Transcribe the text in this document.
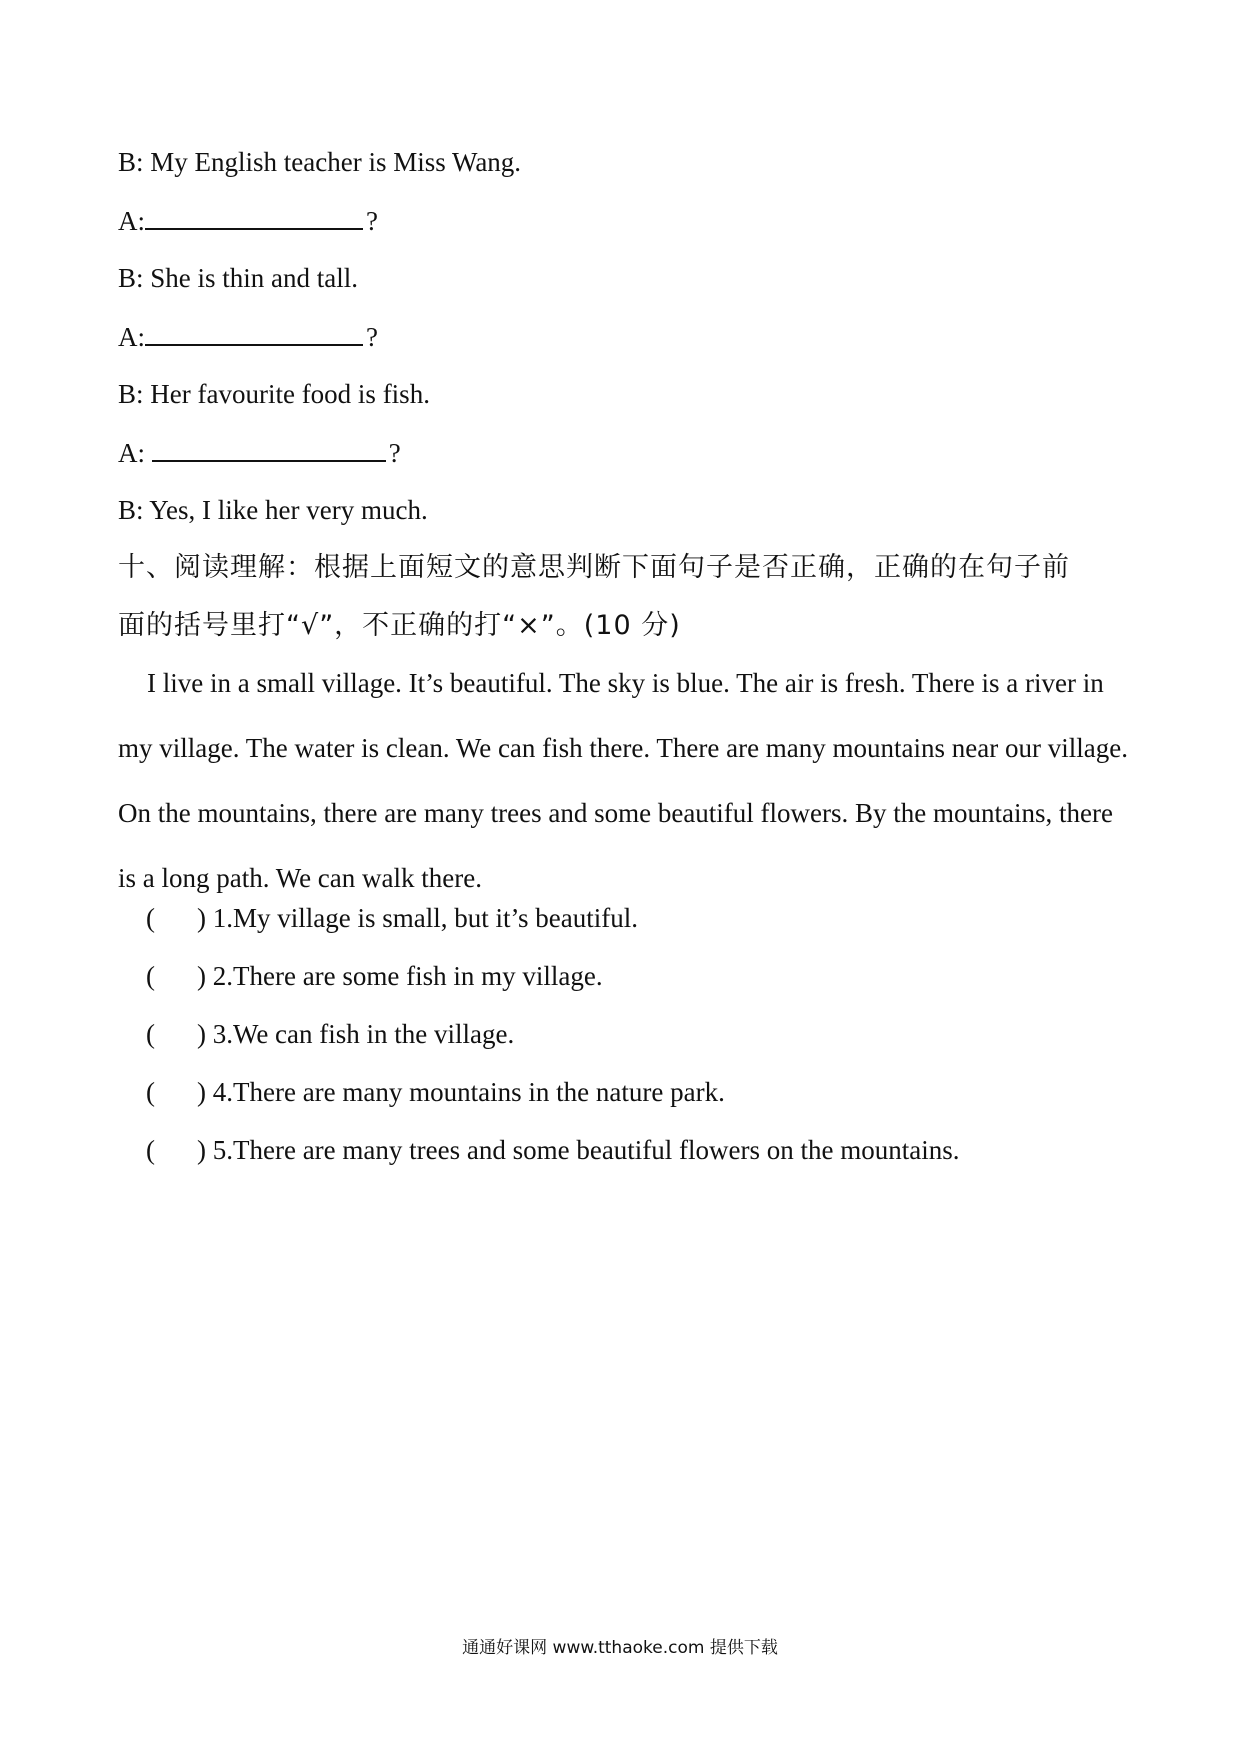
B: My English teacher is Miss Wang.
A:	?
B: She is thin and tall.
A:	?
B: Her favourite food is fish.
A:	?
B: Yes, I like her very much.
十、阅读理解：根据上面短文的意思判断下面句子是否正确，正确的在句子前
面的括号里打“√”，不正确的打“×”。(10 分)
I live in a small village. It’s beautiful. The sky is blue. The air is fresh. There is a river in my village. The water is clean. We can fish there. There are many mountains near our village. On the mountains, there are many trees and some beautiful flowers. By the mountains, there is a long path. We can walk there.
( ) 1.My village is small, but it’s beautiful.
( ) 2.There are some fish in my village.
( ) 3.We can fish in the village.
( ) 4.There are many mountains in the nature park.
( ) 5.There are many trees and some beautiful flowers on the mountains.
通通好课网 www.tthaoke.com 提供下载
